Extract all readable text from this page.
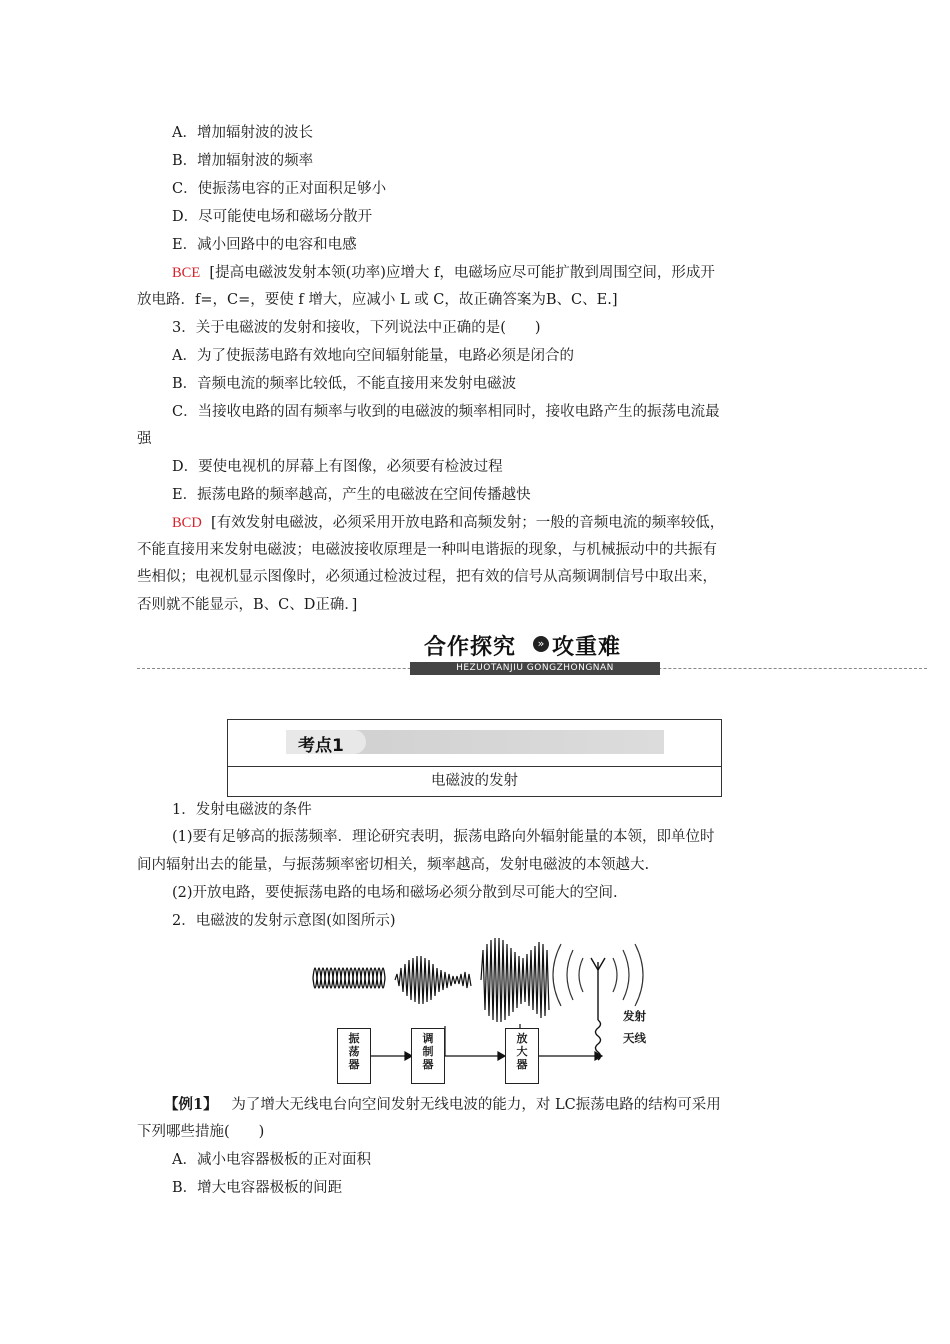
A．增加辐射波的波长
B．增加辐射波的频率
C．使振荡电容的正对面积足够小
D．尽可能使电场和磁场分散开
E．减小回路中的电容和电感
BCE [提高电磁波发射本领(功率)应增大 f，电磁场应尽可能扩散到周围空间，形成开
放电路．f=，C=，要使 f 增大，应减小 L 或 C，故正确答案为B、C、E.]
3．关于电磁波的发射和接收，下列说法中正确的是(　　)
A．为了使振荡电路有效地向空间辐射能量，电路必须是闭合的
B．音频电流的频率比较低，不能直接用来发射电磁波
C．当接收电路的固有频率与收到的电磁波的频率相同时，接收电路产生的振荡电流最
强
D．要使电视机的屏幕上有图像，必须要有检波过程
E．振荡电路的频率越高，产生的电磁波在空间传播越快
BCD [有效发射电磁波，必须采用开放电路和高频发射；一般的音频电流的频率较低，
不能直接用来发射电磁波；电磁波接收原理是一种叫电谐振的现象，与机械振动中的共振有
些相似；电视机显示图像时，必须通过检波过程，把有效的信号从高频调制信号中取出来，
否则就不能显示，B、C、D正确．]
合作探究	» 攻重难
HEZUOTANJIU GONGZHONGNAN
考点1
电磁波的发射
1．发射电磁波的条件
(1)要有足够高的振荡频率．理论研究表明，振荡电路向外辐射能量的本领，即单位时
间内辐射出去的能量，与振荡频率密切相关，频率越高，发射电磁波的本领越大.
(2)开放电路，要使振荡电路的电场和磁场必须分散到尽可能大的空间.
2．电磁波的发射示意图(如图所示)
振
荡
器
调
制
器
放
大
器
发射
天线
【例1】 为了增大无线电台向空间发射无线电波的能力，对 LC振荡电路的结构可采用
下列哪些措施(　　)
A．减小电容器极板的正对面积
B．增大电容器极板的间距
